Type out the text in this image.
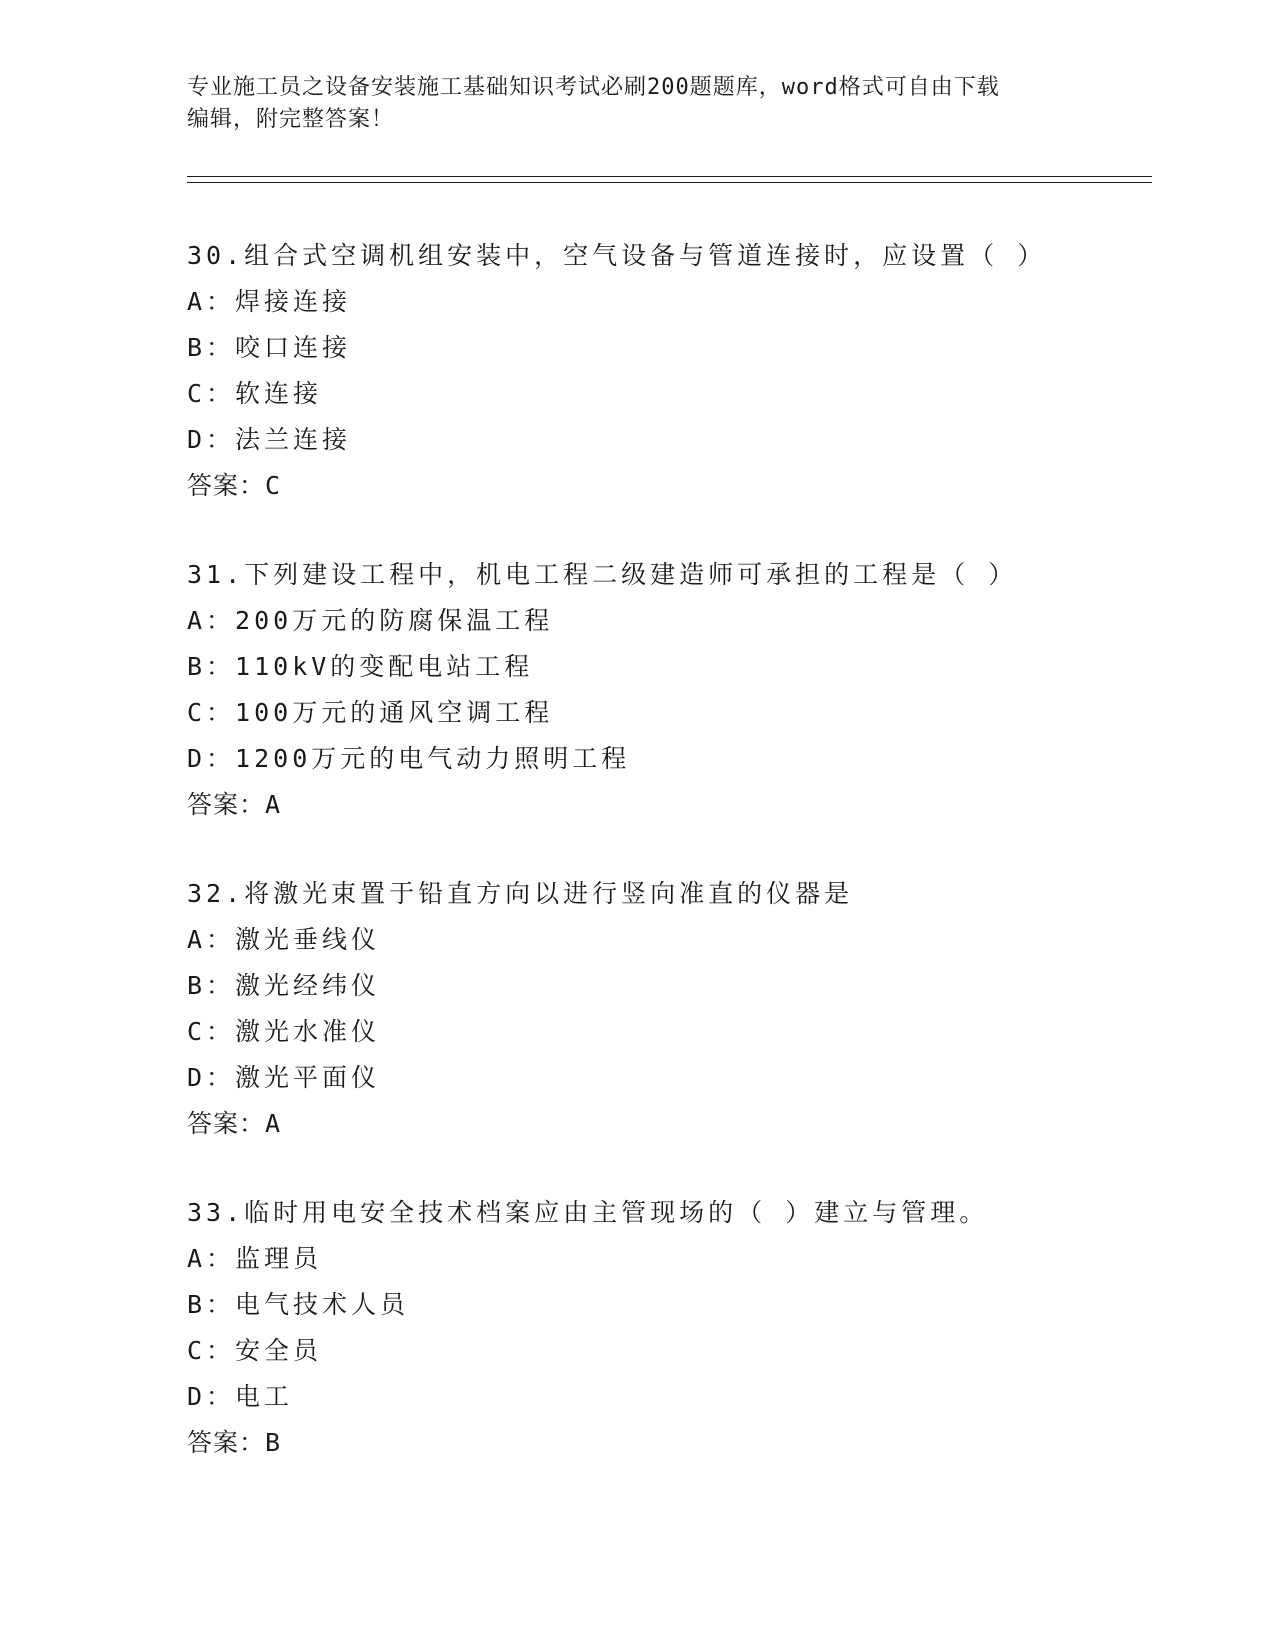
专业施工员之设备安装施工基础知识考试必刷200题题库，word格式可自由下载
编辑，附完整答案！
30.组合式空调机组安装中，空气设备与管道连接时，应设置（ ）
A：焊接连接
B：咬口连接
C：软连接
D：法兰连接
答案：C
31.下列建设工程中，机电工程二级建造师可承担的工程是（ ）
A：200万元的防腐保温工程
B：110kV的变配电站工程
C：100万元的通风空调工程
D：1200万元的电气动力照明工程
答案：A
32.将激光束置于铅直方向以进行竖向准直的仪器是
A：激光垂线仪
B：激光经纬仪
C：激光水准仪
D：激光平面仪
答案：A
33.临时用电安全技术档案应由主管现场的（ ）建立与管理。
A：监理员
B：电气技术人员
C：安全员
D：电工
答案：B
